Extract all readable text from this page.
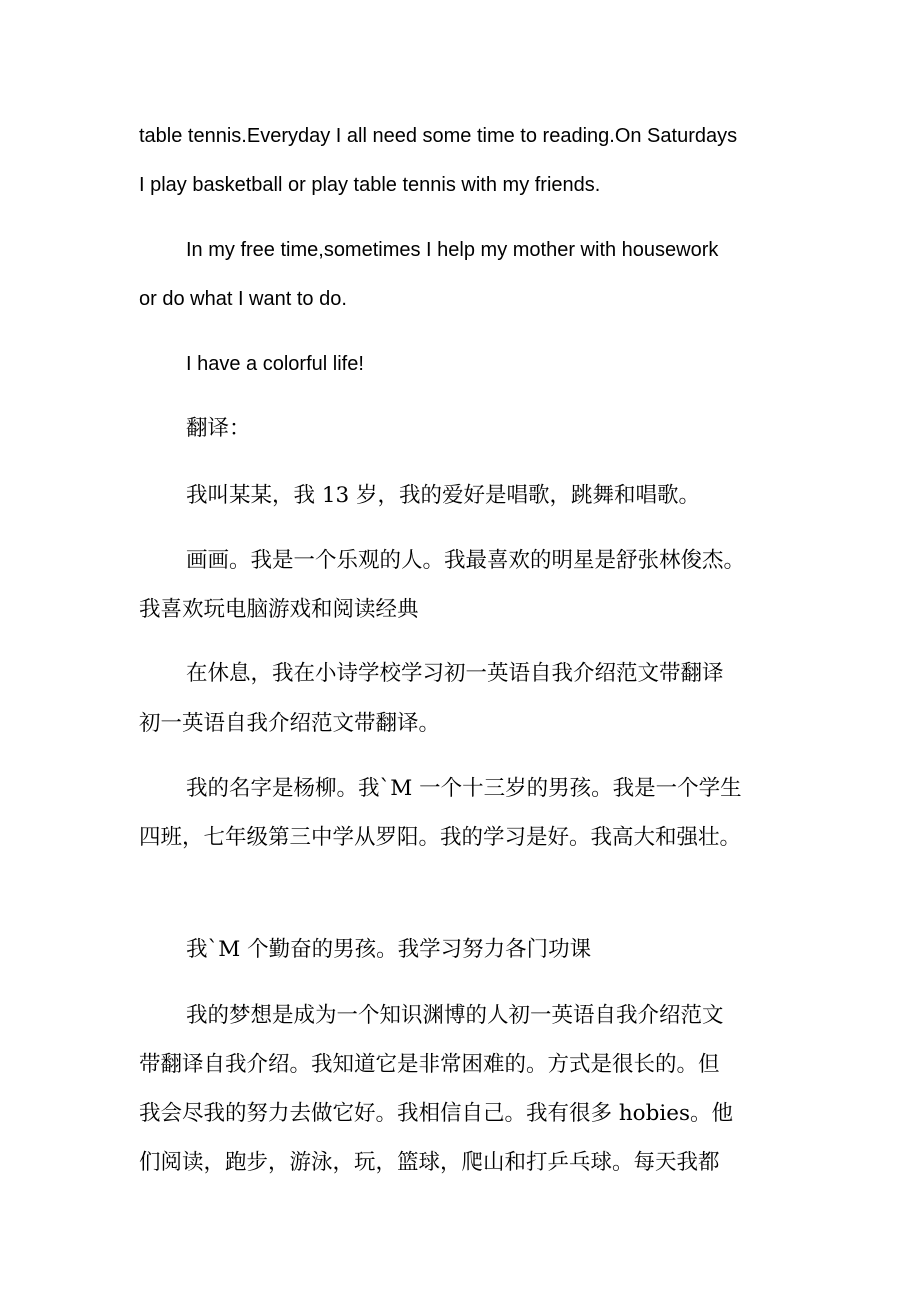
table tennis.Everyday I all need some time to reading.On Saturdays
I play basketball or play table tennis with my friends.
In my free time,sometimes I help my mother with housework
or do what I want to do.
I have a colorful life!
翻译：
我叫某某，我 13 岁，我的爱好是唱歌，跳舞和唱歌。
画画。我是一个乐观的人。我最喜欢的明星是舒张林俊杰。
我喜欢玩电脑游戏和阅读经典
在休息，我在小诗学校学习初一英语自我介绍范文带翻译
初一英语自我介绍范文带翻译。
我的名字是杨柳。我`M 一个十三岁的男孩。我是一个学生
四班，七年级第三中学从罗阳。我的学习是好。我高大和强壮。
我`M 个勤奋的男孩。我学习努力各门功课
我的梦想是成为一个知识渊博的人初一英语自我介绍范文
带翻译自我介绍。我知道它是非常困难的。方式是很长的。但
我会尽我的努力去做它好。我相信自己。我有很多 hobies。他
们阅读，跑步，游泳，玩，篮球，爬山和打乒乓球。每天我都
